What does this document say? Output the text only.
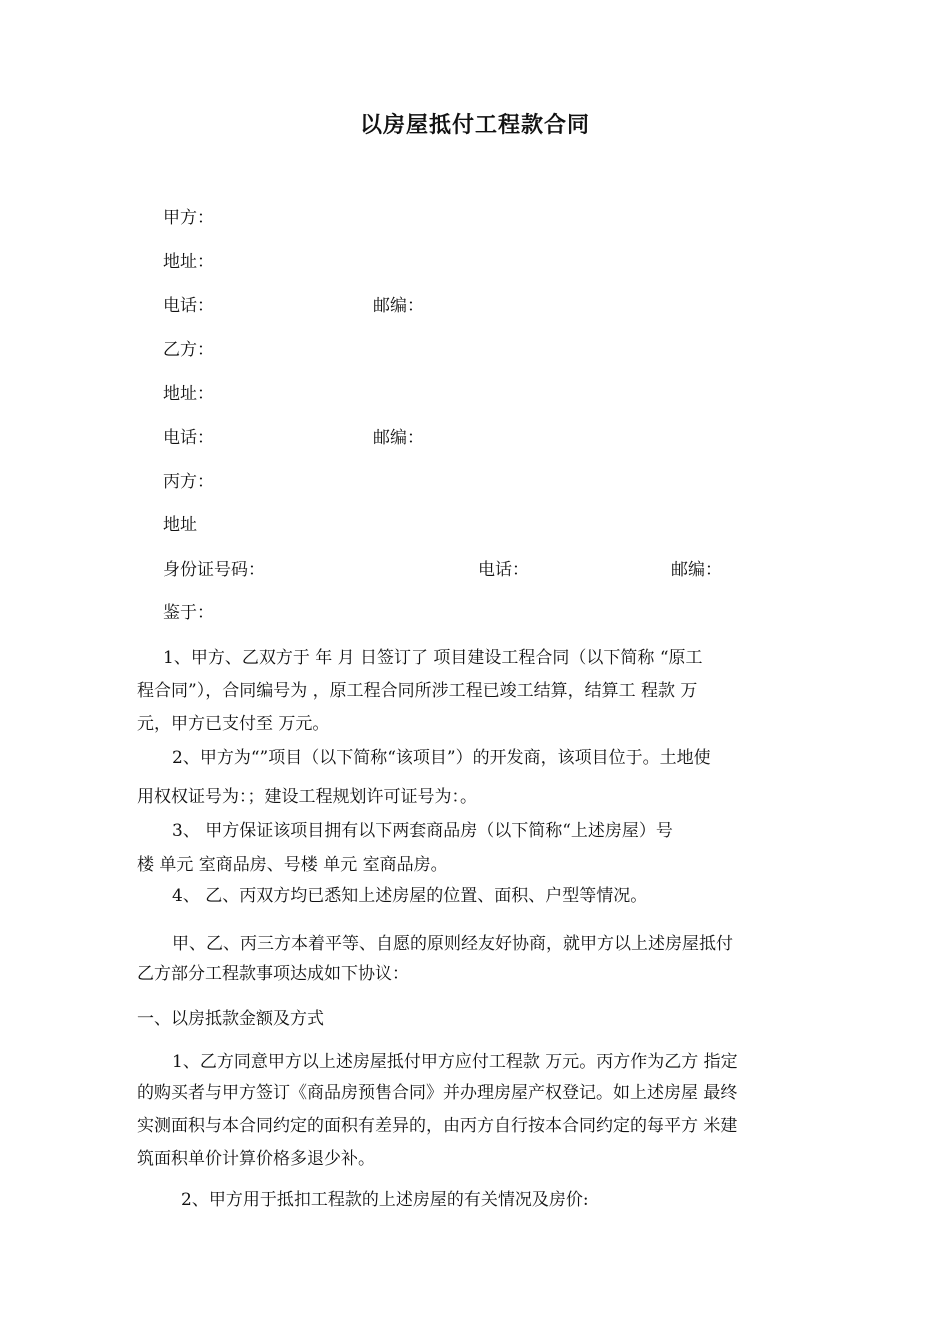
以房屋抵付工程款合同
甲方：
地址：
电话：	邮编：
乙方：
地址：
电话：	邮编：
丙方：
地址
身份证号码：	电话：	邮编：
鉴于：
1、甲方、乙双方于 年 月 日签订了 项目建设工程合同（以下简称 “原工
程合同”），合同编号为 ，原工程合同所涉工程已竣工结算，结算工 程款 万
元，甲方已支付至 万元。
2、甲方为“”项目（以下简称“该项目”）的开发商，该项目位于。土地使
用权权证号为：；建设工程规划许可证号为：。
3、 甲方保证该项目拥有以下两套商品房（以下简称“上述房屋）号
楼 单元 室商品房、号楼 单元 室商品房。
4、 乙、丙双方均已悉知上述房屋的位置、面积、户型等情况。
甲、乙、丙三方本着平等、自愿的原则经友好协商，就甲方以上述房屋抵付
乙方部分工程款事项达成如下协议：
一、以房抵款金额及方式
1、乙方同意甲方以上述房屋抵付甲方应付工程款 万元。丙方作为乙方 指定
的购买者与甲方签订《商品房预售合同》并办理房屋产权登记。如上述房屋 最终
实测面积与本合同约定的面积有差异的，由丙方自行按本合同约定的每平方 米建
筑面积单价计算价格多退少补。
2、甲方用于抵扣工程款的上述房屋的有关情况及房价:
